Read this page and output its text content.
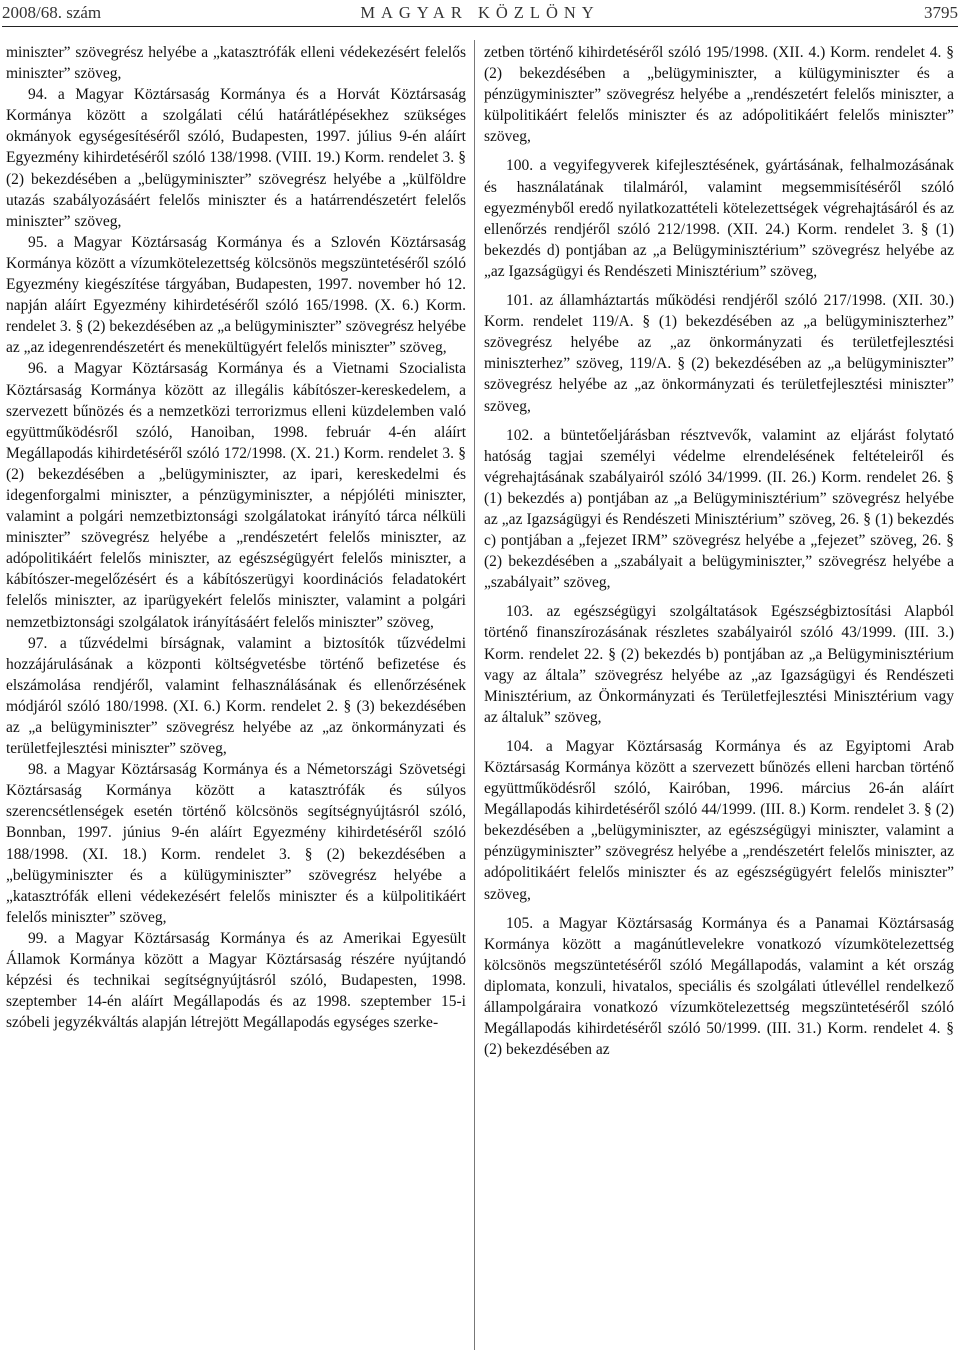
2008/68. szám	MAGYAR KÖZLÖNY	3795

miniszter” szövegrész helyébe a „katasztrófák elleni védekezésért felelős miniszter” szöveg,

94. a Magyar Köztársaság Kormánya és a Horvát Köztársaság Kormánya között a szolgálati célú határátlépésekhez szükséges okmányok egységesítéséről szóló, Budapesten, 1997. július 9-én aláírt Egyezmény kihirdetéséről szóló 138/1998. (VIII. 19.) Korm. rendelet 3. § (2) bekezdésében a „belügyminiszter” szövegrész helyébe a „külföldre utazás szabályozásáért felelős miniszter és a határrendészetért felelős miniszter” szöveg,

95. a Magyar Köztársaság Kormánya és a Szlovén Köztársaság Kormánya között a vízumkötelezettség kölcsönös megszüntetéséről szóló Egyezmény kiegészítése tárgyában, Budapesten, 1997. november hó 12. napján aláírt Egyezmény kihirdetéséről szóló 165/1998. (X. 6.) Korm. rendelet 3. § (2) bekezdésében az „a belügyminiszter” szövegrész helyébe az „az idegenrendészetért és menekültügyért felelős miniszter” szöveg,

96. a Magyar Köztársaság Kormánya és a Vietnami Szocialista Köztársaság Kormánya között az illegális kábítószer-kereskedelem, a szervezett bűnözés és a nemzetközi terrorizmus elleni küzdelemben való együttműködésről szóló, Hanoiban, 1998. február 4-én aláírt Megállapodás kihirdetéséről szóló 172/1998. (X. 21.) Korm. rendelet 3. § (2) bekezdésében a „belügyminiszter, az ipari, kereskedelmi és idegenforgalmi miniszter, a pénzügyminiszter, a népjóléti miniszter, valamint a polgári nemzetbiztonsági szolgálatokat irányító tárca nélküli miniszter” szövegrész helyébe a „rendészetért felelős miniszter, az adópolitikáért felelős miniszter, az egészségügyért felelős miniszter, a kábítószer-megelőzésért és a kábítószerügyi koordinációs feladatokért felelős miniszter, az iparügyekért felelős miniszter, valamint a polgári nemzetbiztonsági szolgálatok irányításáért felelős miniszter” szöveg,

97. a tűzvédelmi bírságnak, valamint a biztosítók tűzvédelmi hozzájárulásának a központi költségvetésbe történő befizetése és elszámolása rendjéről, valamint felhasználásának és ellenőrzésének módjáról szóló 180/1998. (XI. 6.) Korm. rendelet 2. § (3) bekezdésében az „a belügyminiszter” szövegrész helyébe az „az önkormányzati és területfejlesztési miniszter” szöveg,

98. a Magyar Köztársaság Kormánya és a Németországi Szövetségi Köztársaság Kormánya között a katasztrófák és súlyos szerencsétlenségek esetén történő kölcsönös segítségnyújtásról szóló, Bonnban, 1997. június 9-én aláírt Egyezmény kihirdetéséről szóló 188/1998. (XI. 18.) Korm. rendelet 3. § (2) bekezdésében a „belügyminiszter és a külügyminiszter” szövegrész helyébe a „katasztrófák elleni védekezésért felelős miniszter és a külpolitikáért felelős miniszter” szöveg,

99. a Magyar Köztársaság Kormánya és az Amerikai Egyesült Államok Kormánya között a Magyar Köztársaság részére nyújtandó képzési és technikai segítségnyújtásról szóló, Budapesten, 1998. szeptember 14-én aláírt Megállapodás és az 1998. szeptember 15-i szóbeli jegyzékváltás alapján létrejött Megállapodás egységes szerke-

zetben történő kihirdetéséről szóló 195/1998. (XII. 4.) Korm. rendelet 4. § (2) bekezdésében a „belügyminiszter, a külügyminiszter és a pénzügyminiszter” szövegrész helyébe a „rendészetért felelős miniszter, a külpolitikáért felelős miniszter és az adópolitikáért felelős miniszter” szöveg,

100. a vegyifegyverek kifejlesztésének, gyártásának, felhalmozásának és használatának tilalmáról, valamint megsemmisítéséről szóló egyezményből eredő nyilatkozattételi kötelezettségek végrehajtásáról és az ellenőrzés rendjéről szóló 212/1998. (XII. 24.) Korm. rendelet 3. § (1) bekezdés d) pontjában az „a Belügyminisztérium” szövegrész helyébe az „az Igazságügyi és Rendészeti Minisztérium” szöveg,

101. az államháztartás működési rendjéről szóló 217/1998. (XII. 30.) Korm. rendelet 119/A. § (1) bekezdésében az „a belügyminiszterhez” szövegrész helyébe az „az önkormányzati és területfejlesztési miniszterhez” szöveg, 119/A. § (2) bekezdésében az „a belügyminiszter” szövegrész helyébe az „az önkormányzati és területfejlesztési miniszter” szöveg,

102. a büntetőeljárásban résztvevők, valamint az eljárást folytató hatóság tagjai személyi védelme elrendelésének feltételeiről és végrehajtásának szabályairól szóló 34/1999. (II. 26.) Korm. rendelet 26. § (1) bekezdés a) pontjában az „a Belügyminisztérium” szövegrész helyébe az „az Igazságügyi és Rendészeti Minisztérium” szöveg, 26. § (1) bekezdés c) pontjában a „fejezet IRM” szövegrész helyébe a „fejezet” szöveg, 26. § (2) bekezdésében a „szabályait a belügyminiszter,” szövegrész helyébe a „szabályait” szöveg,

103. az egészségügyi szolgáltatások Egészségbiztosítási Alapból történő finanszírozásának részletes szabályairól szóló 43/1999. (III. 3.) Korm. rendelet 22. § (2) bekezdés b) pontjában az „a Belügyminisztérium vagy az általa” szövegrész helyébe az „az Igazságügyi és Rendészeti Minisztérium, az Önkormányzati és Területfejlesztési Minisztérium vagy az általuk” szöveg,

104. a Magyar Köztársaság Kormánya és az Egyiptomi Arab Köztársaság Kormánya között a szervezett bűnözés elleni harcban történő együttműködésről szóló, Kairóban, 1996. március 26-án aláírt Megállapodás kihirdetéséről szóló 44/1999. (III. 8.) Korm. rendelet 3. § (2) bekezdésében a „belügyminiszter, az egészségügyi miniszter, valamint a pénzügyminiszter” szövegrész helyébe a „rendészetért felelős miniszter, az adópolitikáért felelős miniszter és az egészségügyért felelős miniszter” szöveg,

105. a Magyar Köztársaság Kormánya és a Panamai Köztársaság Kormánya között a magánútlevelekre vonatkozó vízumkötelezettség kölcsönös megszüntetéséről szóló Megállapodás, valamint a két ország diplomata, konzuli, hivatalos, speciális és szolgálati útlevéllel rendelkező állampolgáraira vonatkozó vízumkötelezettség megszüntetéséről szóló Megállapodás kihirdetéséről szóló 50/1999. (III. 31.) Korm. rendelet 4. § (2) bekezdésében az
